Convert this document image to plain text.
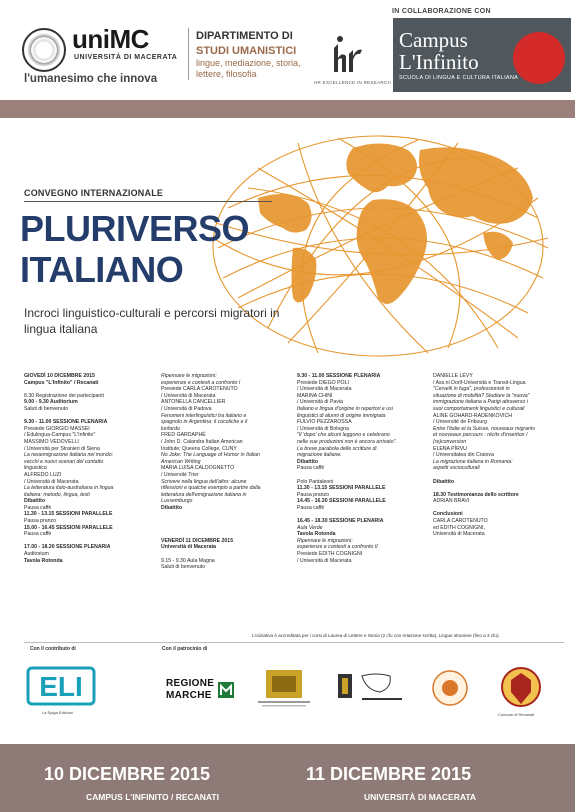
uniMC
UNIVERSITÀ DI MACERATA
l'umanesimo che innova
DIPARTIMENTO DI
STUDI UMANISTICI
lingue, mediazione, storia, lettere, filosofia
HR EXCELLENCE IN RESEARCH
IN COLLABORAZIONE CON
Campus
L'Infinito
SCUOLA DI LINGUA E CULTURA ITALIANA
CONVEGNO INTERNAZIONALE
PLURIVERSO
ITALIANO
Incroci linguistico-culturali e percorsi migratori in lingua italiana
GIOVEDÌ 10 DICEMBRE 2015
Campus "L'Infinito" / Recanati
8.30 Registrazione dei partecipanti
9.00 - 9.30 Auditorium
Saluti di benvenuto
9.30 - 11.00 SESSIONE PLENARIA
Presiede GIORGIO MASSEI
/ Edulingua-Campus "L'Infinito"
MASSIMO VEDOVELLI
/ Università per Stranieri di Siena
La neoemigrazione italiana nel mondo:
vecchi e nuovi scenari del contatto
linguistico
ALFREDO LUZI
/ Università di Macerata
La letteratura italo-australiana in lingua
italiana: metodo, lingua, testi
Dibattito
Pausa caffè
11.30 - 13.15 SESSIONI PARALLELE
Pausa pranzo
15.00 - 16.45 SESSIONI PARALLELE
Pausa caffè
17.00 - 18.30 SESSIONE PLENARIA
Auditorium
Tavola Rotonda
Ripensare le migrazioni:
esperienze e contesti a confronto I
Presiede CARLA CAROTENUTO
/ Università di Macerata
ANTONELLA CANCELLIER
/ Università di Padova
Fenomeni interlinguistici tra italiano e
spagnolo in Argentina: il cocoliche e il
lunfardo
FRED GARDAPHÉ
/ John D. Calandra Italian American
Institute; Queens College, CUNY
No Joke: The Language of Humor in Italian
American Writing
MARIA LUISA CALDOGNETTO
/ Université Trier
Scrivere nella lingua dell'altro: alcune
riflessioni e qualche esempio a partire dalla
letteratura dell'emigrazione italiana in
Lussemburgo
Dibattito
VENERDÌ 11 DICEMBRE 2015
Università di Macerata
9.15 - 9.30 Aula Magna
Saluti di benvenuto
9.30 - 11.00 SESSIONE PLENARIA
Presiede DIEGO POLI
/ Università di Macerata
MARINA CHINI
/ Università di Pavia
Italiano e lingua d'origine in repertori e usi
linguistici di alunni di origine immigrata
FULVIO PEZZAROSSA
/ Università di Bologna
"Il 'dopo' che alcuni leggono e celebrano
nelle sue produzioni non è ancora arrivato".
La breve parabola delle scritture di
migrazione italiane.
Dibattito
Pausa caffè
Polo Pantaleoni
11.30 - 13.15 SESSIONI PARALLELE
Pausa pranzo
14.45 - 16.30 SESSIONI PARALLELE
Pausa caffè
16.45 - 18.30 SESSIONE PLENARIA
Aula Verde
Tavola Rotonda
Ripensare le migrazioni:
esperienze e contesti a confronto II
Presiede EDITH COGNIGNI
/ Università di Macerata
DANIELLE LÉVY
/ Ass.ni Dorif-Università e Transit-Lingua
"Cervelli in fuga", professionisti in
situazione di mobilità? Studiare la "nuova"
immigrazione italiana a Parigi attraverso i
suoi comportamenti linguistici e culturali
ALINE GOHARD-RADENKOVICH
/ Université de Fribourg
Entre l'Italie et la Suisse, nouveaux migrants
et nouveaux parcours : récits d'insertion /
(re)conversion
ELENA PÎRVU
/ Universitatea din Craiova
La migrazione italiana in Romania:
aspetti socioculturali
Dibattito
18.30 Testimonianza dello scrittore
ADRIAN BRAVI
Conclusioni
CARLA CAROTENUTO
ed EDITH COGNIGNI,
Università di Macerata
L'iniziativa è accreditata per i corsi di Laurea di Lettere e Storia (2 cfu con relazione scritta), Lingue straniere (fino a 3 cfu).
Con il contributo di	Con il patrocinio di
ELI
La Spiga Edizioni
REGIONE
MARCHE
Comune di Recanati
10 DICEMBRE 2015
CAMPUS L'INFINITO / RECANATI
11 DICEMBRE 2015
UNIVERSITÀ DI MACERATA
